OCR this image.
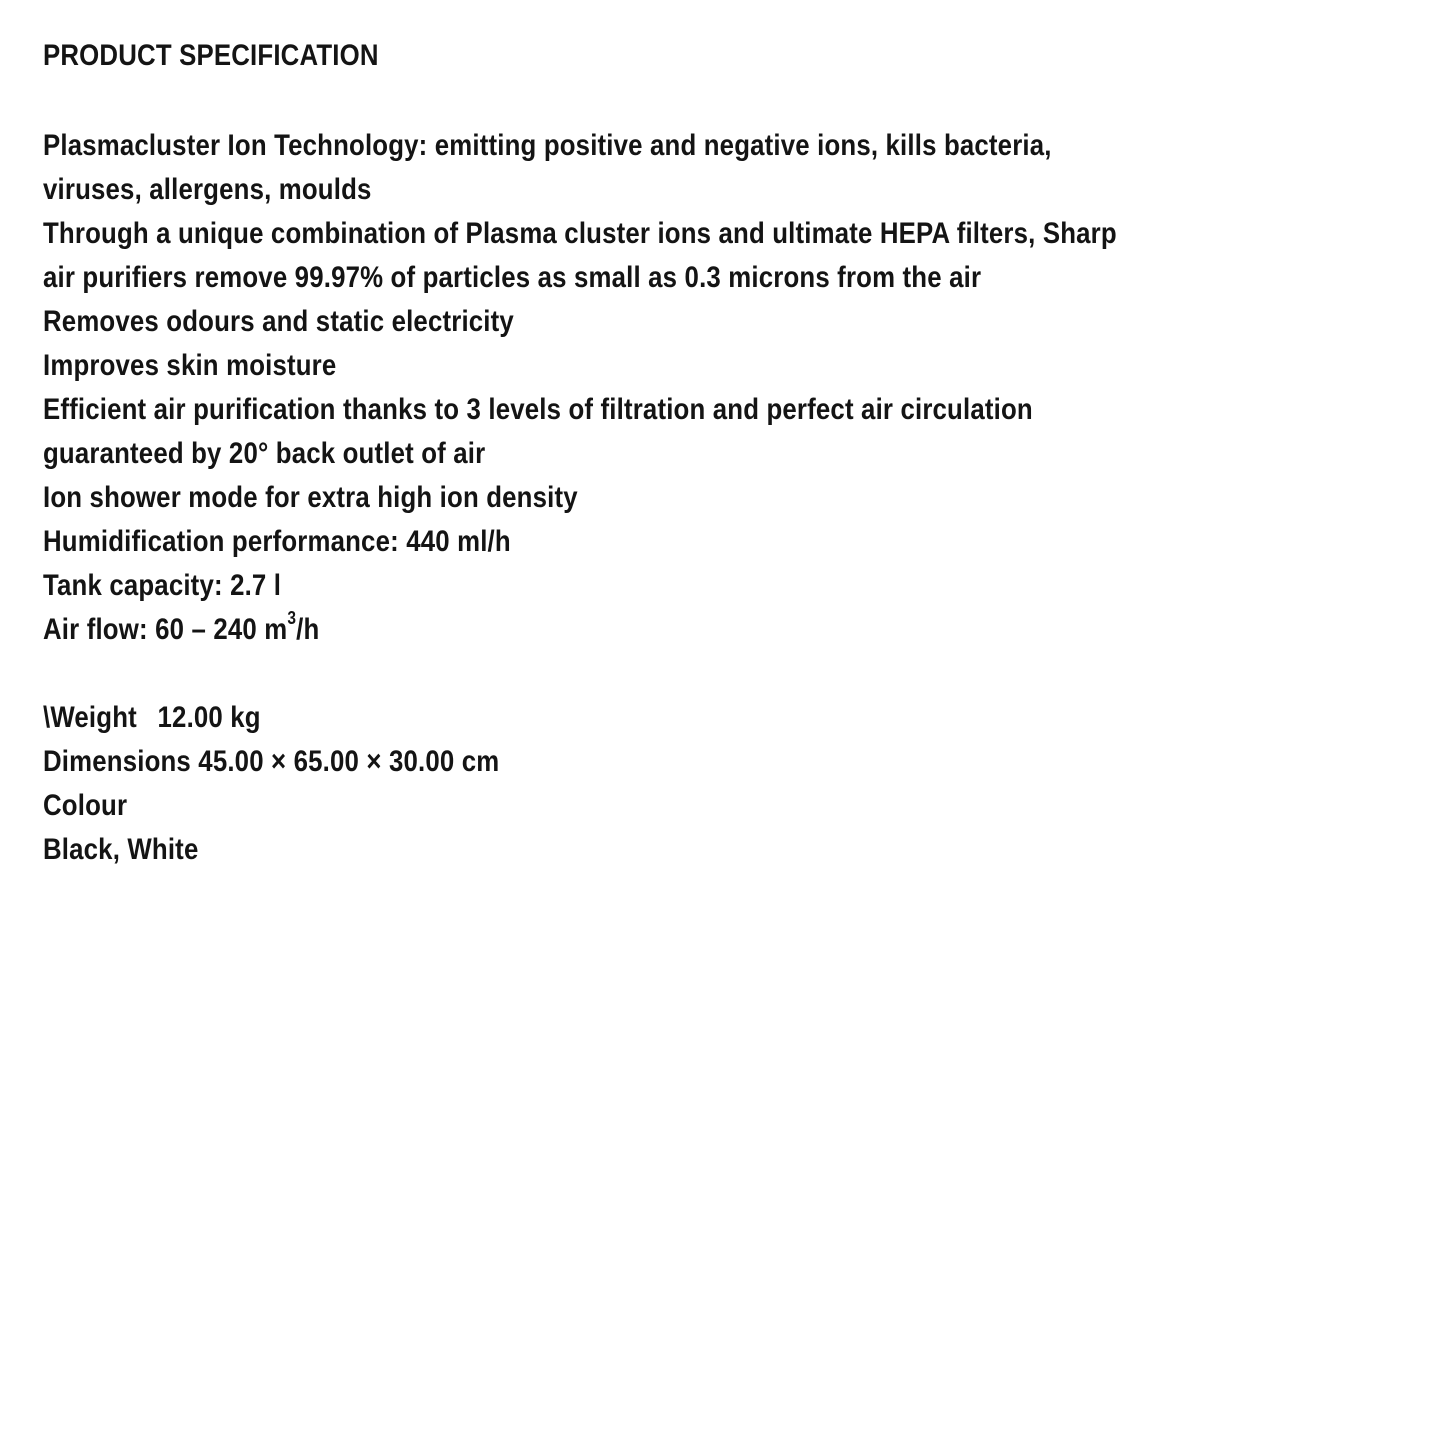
PRODUCT SPECIFICATION

Plasmacluster Ion Technology: emitting positive and negative ions, kills bacteria,

viruses, allergens, moulds

Through a unique combination of Plasma cluster ions and ultimate HEPA filters, Sharp

air purifiers remove 99.97% of particles as small as 0.3 microns from the air

Removes odours and static electricity

Improves skin moisture

Efficient air purification thanks to 3 levels of filtration and perfect air circulation

guaranteed by 20° back outlet of air

Ion shower mode for extra high ion density

Humidification performance: 440 ml/h

Tank capacity: 2.7 l

Air flow: 60 – 240 $m^3/h$

\Weight 12.00 kg

Dimensions 45.00 × 65.00 × 30.00 cm

Colour

Black, White
